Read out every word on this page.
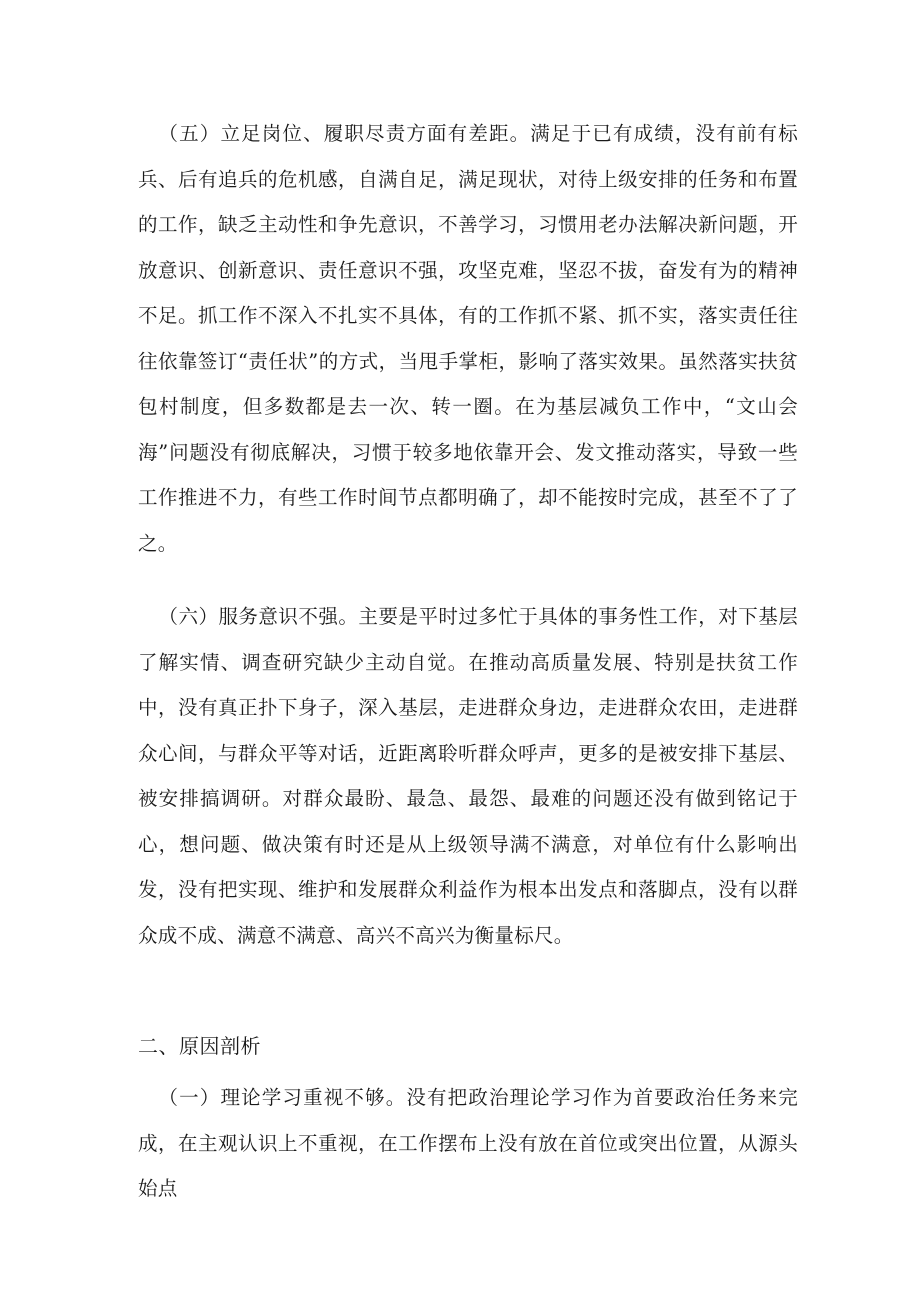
（五）立足岗位、履职尽责方面有差距。满足于已有成绩，没有前有标兵、后有追兵的危机感，自满自足，满足现状，对待上级安排的任务和布置的工作，缺乏主动性和争先意识，不善学习，习惯用老办法解决新问题，开放意识、创新意识、责任意识不强，攻坚克难，坚忍不拔，奋发有为的精神不足。抓工作不深入不扎实不具体，有的工作抓不紧、抓不实，落实责任往往依靠签订“责任状”的方式，当甩手掌柜，影响了落实效果。虽然落实扶贫包村制度，但多数都是去一次、转一圈。在为基层减负工作中，“文山会海”问题没有彻底解决，习惯于较多地依靠开会、发文推动落实，导致一些工作推进不力，有些工作时间节点都明确了，却不能按时完成，甚至不了了之。

（六）服务意识不强。主要是平时过多忙于具体的事务性工作，对下基层了解实情、调查研究缺少主动自觉。在推动高质量发展、特别是扶贫工作中，没有真正扑下身子，深入基层，走进群众身边，走进群众农田，走进群众心间，与群众平等对话，近距离聆听群众呼声，更多的是被安排下基层、被安排搞调研。对群众最盼、最急、最怨、最难的问题还没有做到铭记于心，想问题、做决策有时还是从上级领导满不满意，对单位有什么影响出发，没有把实现、维护和发展群众利益作为根本出发点和落脚点，没有以群众成不成、满意不满意、高兴不高兴为衡量标尺。

二、原因剖析

（一）理论学习重视不够。没有把政治理论学习作为首要政治任务来完成，在主观认识上不重视，在工作摆布上没有放在首位或突出位置，从源头始点
